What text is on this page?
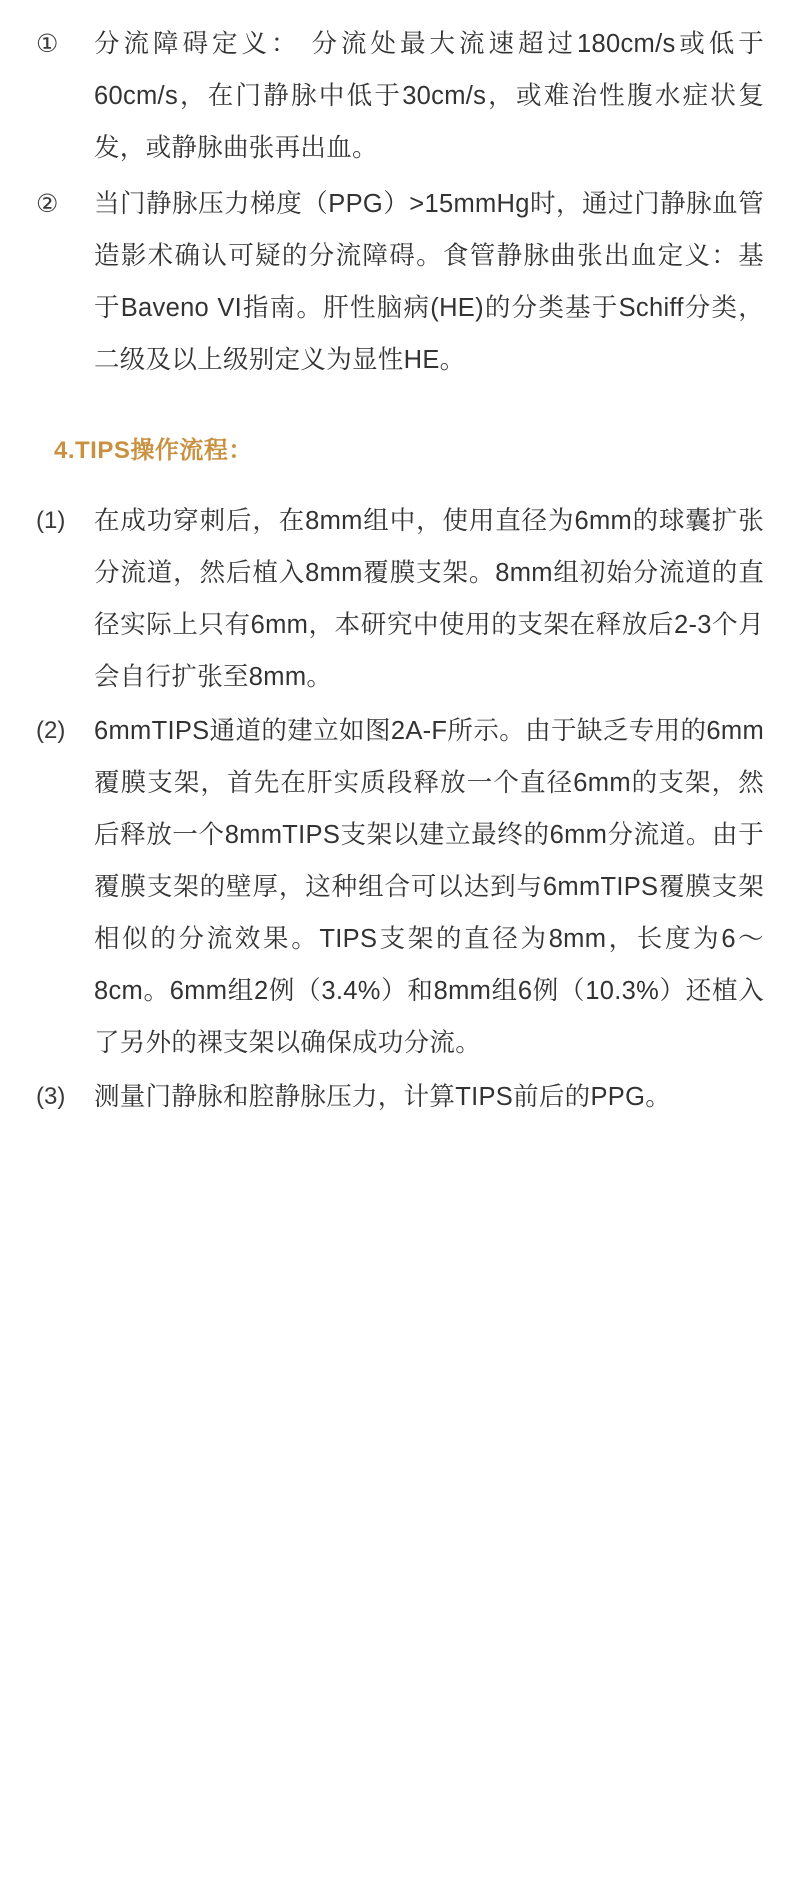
①	分流障碍定义： 分流处最大流速超过180cm/s或低于60cm/s，在门静脉中低于30cm/s，或难治性腹水症状复发，或静脉曲张再出血。
②	当门静脉压力梯度（PPG）>15mmHg时，通过门静脉血管造影术确认可疑的分流障碍。食管静脉曲张出血定义：基于Baveno VI指南。肝性脑病(HE)的分类基于Schiff分类，二级及以上级别定义为显性HE。
4.TIPS操作流程：
(1)	在成功穿刺后，在8mm组中，使用直径为6mm的球囊扩张分流道，然后植入8mm覆膜支架。8mm组初始分流道的直径实际上只有6mm，本研究中使用的支架在释放后2-3个月会自行扩张至8mm。
(2)	6mmTIPS通道的建立如图2A-F所示。由于缺乏专用的6mm覆膜支架，首先在肝实质段释放一个直径6mm的支架，然后释放一个8mmTIPS支架以建立最终的6mm分流道。由于覆膜支架的壁厚，这种组合可以达到与6mmTIPS覆膜支架相似的分流效果。TIPS支架的直径为8mm，长度为6～8cm。6mm组2例（3.4%）和8mm组6例（10.3%）还植入了另外的裸支架以确保成功分流。
(3)	测量门静脉和腔静脉压力，计算TIPS前后的PPG。
